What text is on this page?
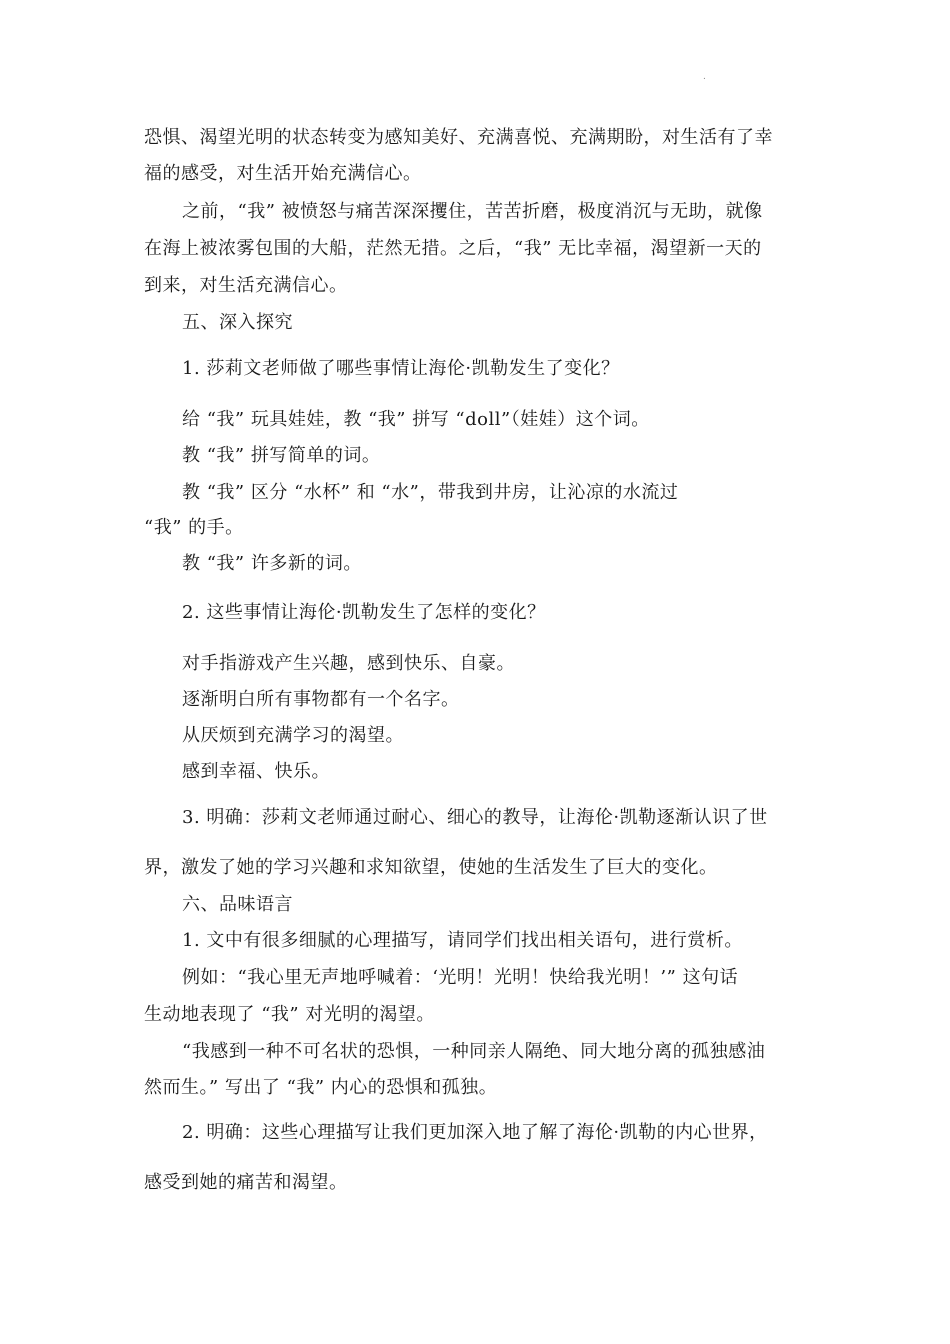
.
恐惧、渴望光明的状态转变为感知美好、充满喜悦、充满期盼，对生活有了幸
福的感受，对生活开始充满信心。
之前，“我” 被愤怒与痛苦深深攫住，苦苦折磨，极度消沉与无助，就像
在海上被浓雾包围的大船，茫然无措。之后，“我” 无比幸福，渴望新一天的
到来，对生活充满信心。
五、深入探究
1. 莎莉文老师做了哪些事情让海伦·凯勒发生了变化？
给 “我” 玩具娃娃，教 “我” 拼写 “doll”（娃娃）这个词。
教 “我” 拼写简单的词。
教 “我” 区分 “水杯” 和 “水”，带我到井房，让沁凉的水流过
“我” 的手。
教 “我” 许多新的词。
2. 这些事情让海伦·凯勒发生了怎样的变化？
对手指游戏产生兴趣，感到快乐、自豪。
逐渐明白所有事物都有一个名字。
从厌烦到充满学习的渴望。
感到幸福、快乐。
3. 明确：莎莉文老师通过耐心、细心的教导，让海伦·凯勒逐渐认识了世
界，激发了她的学习兴趣和求知欲望，使她的生活发生了巨大的变化。
六、品味语言
1. 文中有很多细腻的心理描写，请同学们找出相关语句，进行赏析。
例如：“我心里无声地呼喊着：‘光明！光明！快给我光明！’” 这句话
生动地表现了 “我” 对光明的渴望。
“我感到一种不可名状的恐惧，一种同亲人隔绝、同大地分离的孤独感油
然而生。” 写出了 “我” 内心的恐惧和孤独。
2. 明确：这些心理描写让我们更加深入地了解了海伦·凯勒的内心世界，
感受到她的痛苦和渴望。
